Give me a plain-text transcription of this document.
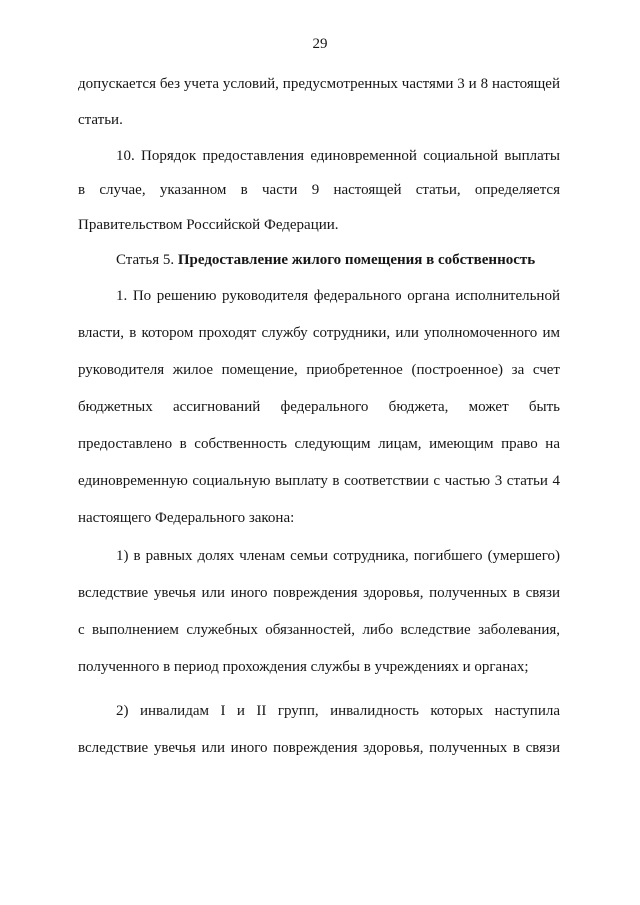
29
допускается без учета условий, предусмотренных частями 3 и 8 настоящей
статьи.
10. Порядок предоставления единовременной социальной выплаты
в случае, указанном в части 9 настоящей статьи, определяется
Правительством Российской Федерации.
Статья 5. Предоставление жилого помещения в собственность
1. По решению руководителя федерального органа исполнительной
власти, в котором проходят службу сотрудники, или уполномоченного им
руководителя жилое помещение, приобретенное (построенное) за счет
бюджетных ассигнований федерального бюджета, может быть
предоставлено в собственность следующим лицам, имеющим право на
единовременную социальную выплату в соответствии с частью 3 статьи 4
настоящего Федерального закона:
1) в равных долях членам семьи сотрудника, погибшего (умершего)
вследствие увечья или иного повреждения здоровья, полученных в связи
с выполнением служебных обязанностей, либо вследствие заболевания,
полученного в период прохождения службы в учреждениях и органах;
2) инвалидам I и II групп, инвалидность которых наступила
вследствие увечья или иного повреждения здоровья, полученных в связи
